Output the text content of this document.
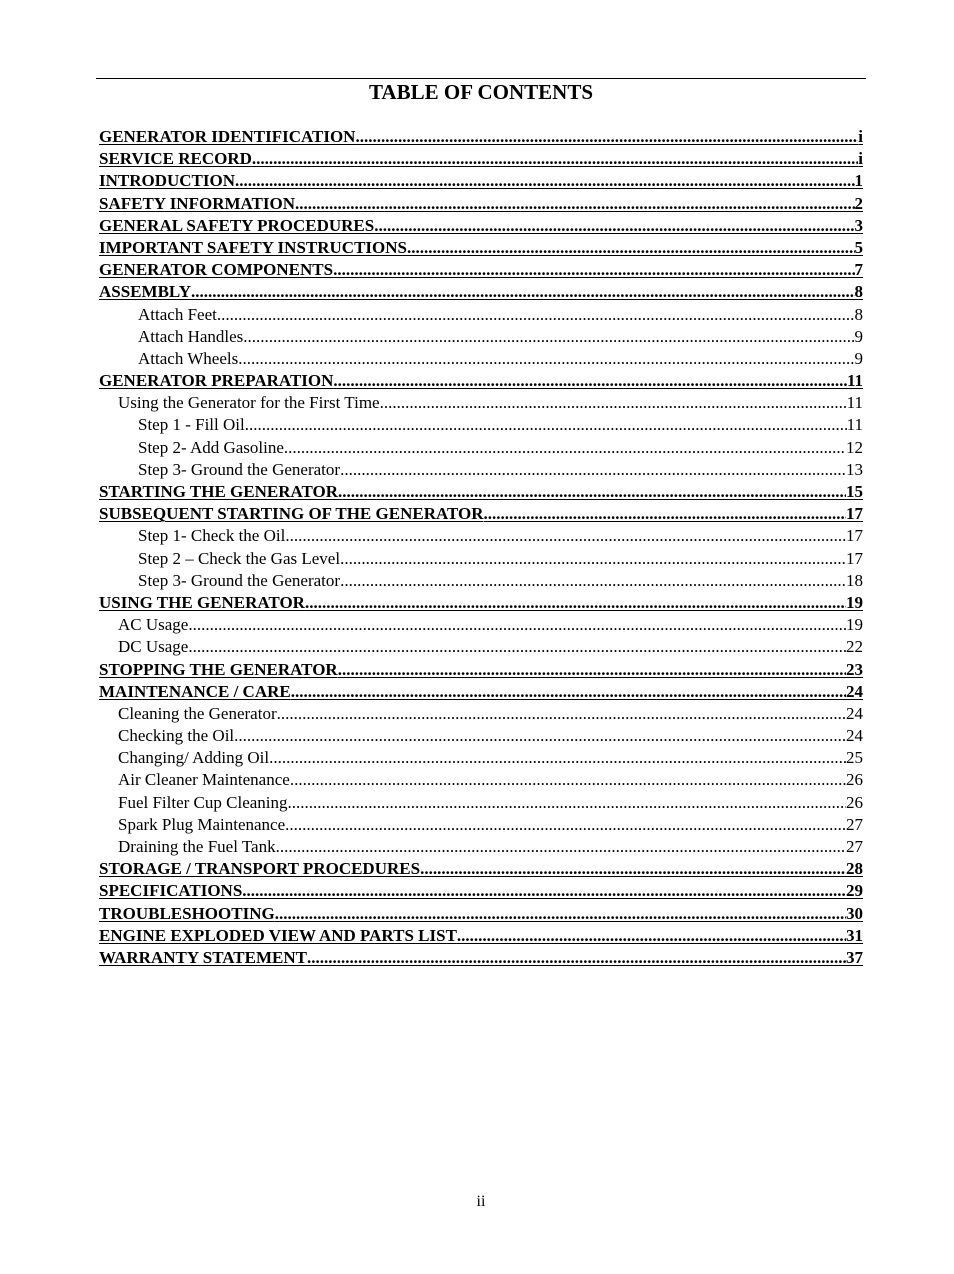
TABLE OF CONTENTS
GENERATOR IDENTIFICATION .....	i
SERVICE RECORD .....	i
INTRODUCTION .....	1
SAFETY INFORMATION .....	2
GENERAL SAFETY PROCEDURES .....	3
IMPORTANT SAFETY INSTRUCTIONS .....	5
GENERATOR COMPONENTS .....	7
ASSEMBLY .....	8
Attach Feet .....	8
Attach Handles .....	9
Attach Wheels .....	9
GENERATOR PREPARATION .....	11
Using the Generator for the First Time .....	11
Step 1 - Fill Oil .....	11
Step 2- Add Gasoline .....	12
Step 3- Ground the Generator .....	13
STARTING THE GENERATOR .....	15
SUBSEQUENT STARTING OF THE GENERATOR .....	17
Step 1- Check the Oil .....	17
Step 2 – Check the Gas Level .....	17
Step 3- Ground the Generator .....	18
USING THE GENERATOR .....	19
AC Usage .....	19
DC Usage .....	22
STOPPING THE GENERATOR .....	23
MAINTENANCE / CARE .....	24
Cleaning the Generator .....	24
Checking the Oil .....	24
Changing/ Adding Oil .....	25
Air Cleaner Maintenance .....	26
Fuel Filter Cup Cleaning .....	26
Spark Plug Maintenance .....	27
Draining the Fuel Tank .....	27
STORAGE / TRANSPORT PROCEDURES .....	28
SPECIFICATIONS .....	29
TROUBLESHOOTING .....	30
ENGINE EXPLODED VIEW AND PARTS LIST .....	31
WARRANTY STATEMENT .....	37
ii
